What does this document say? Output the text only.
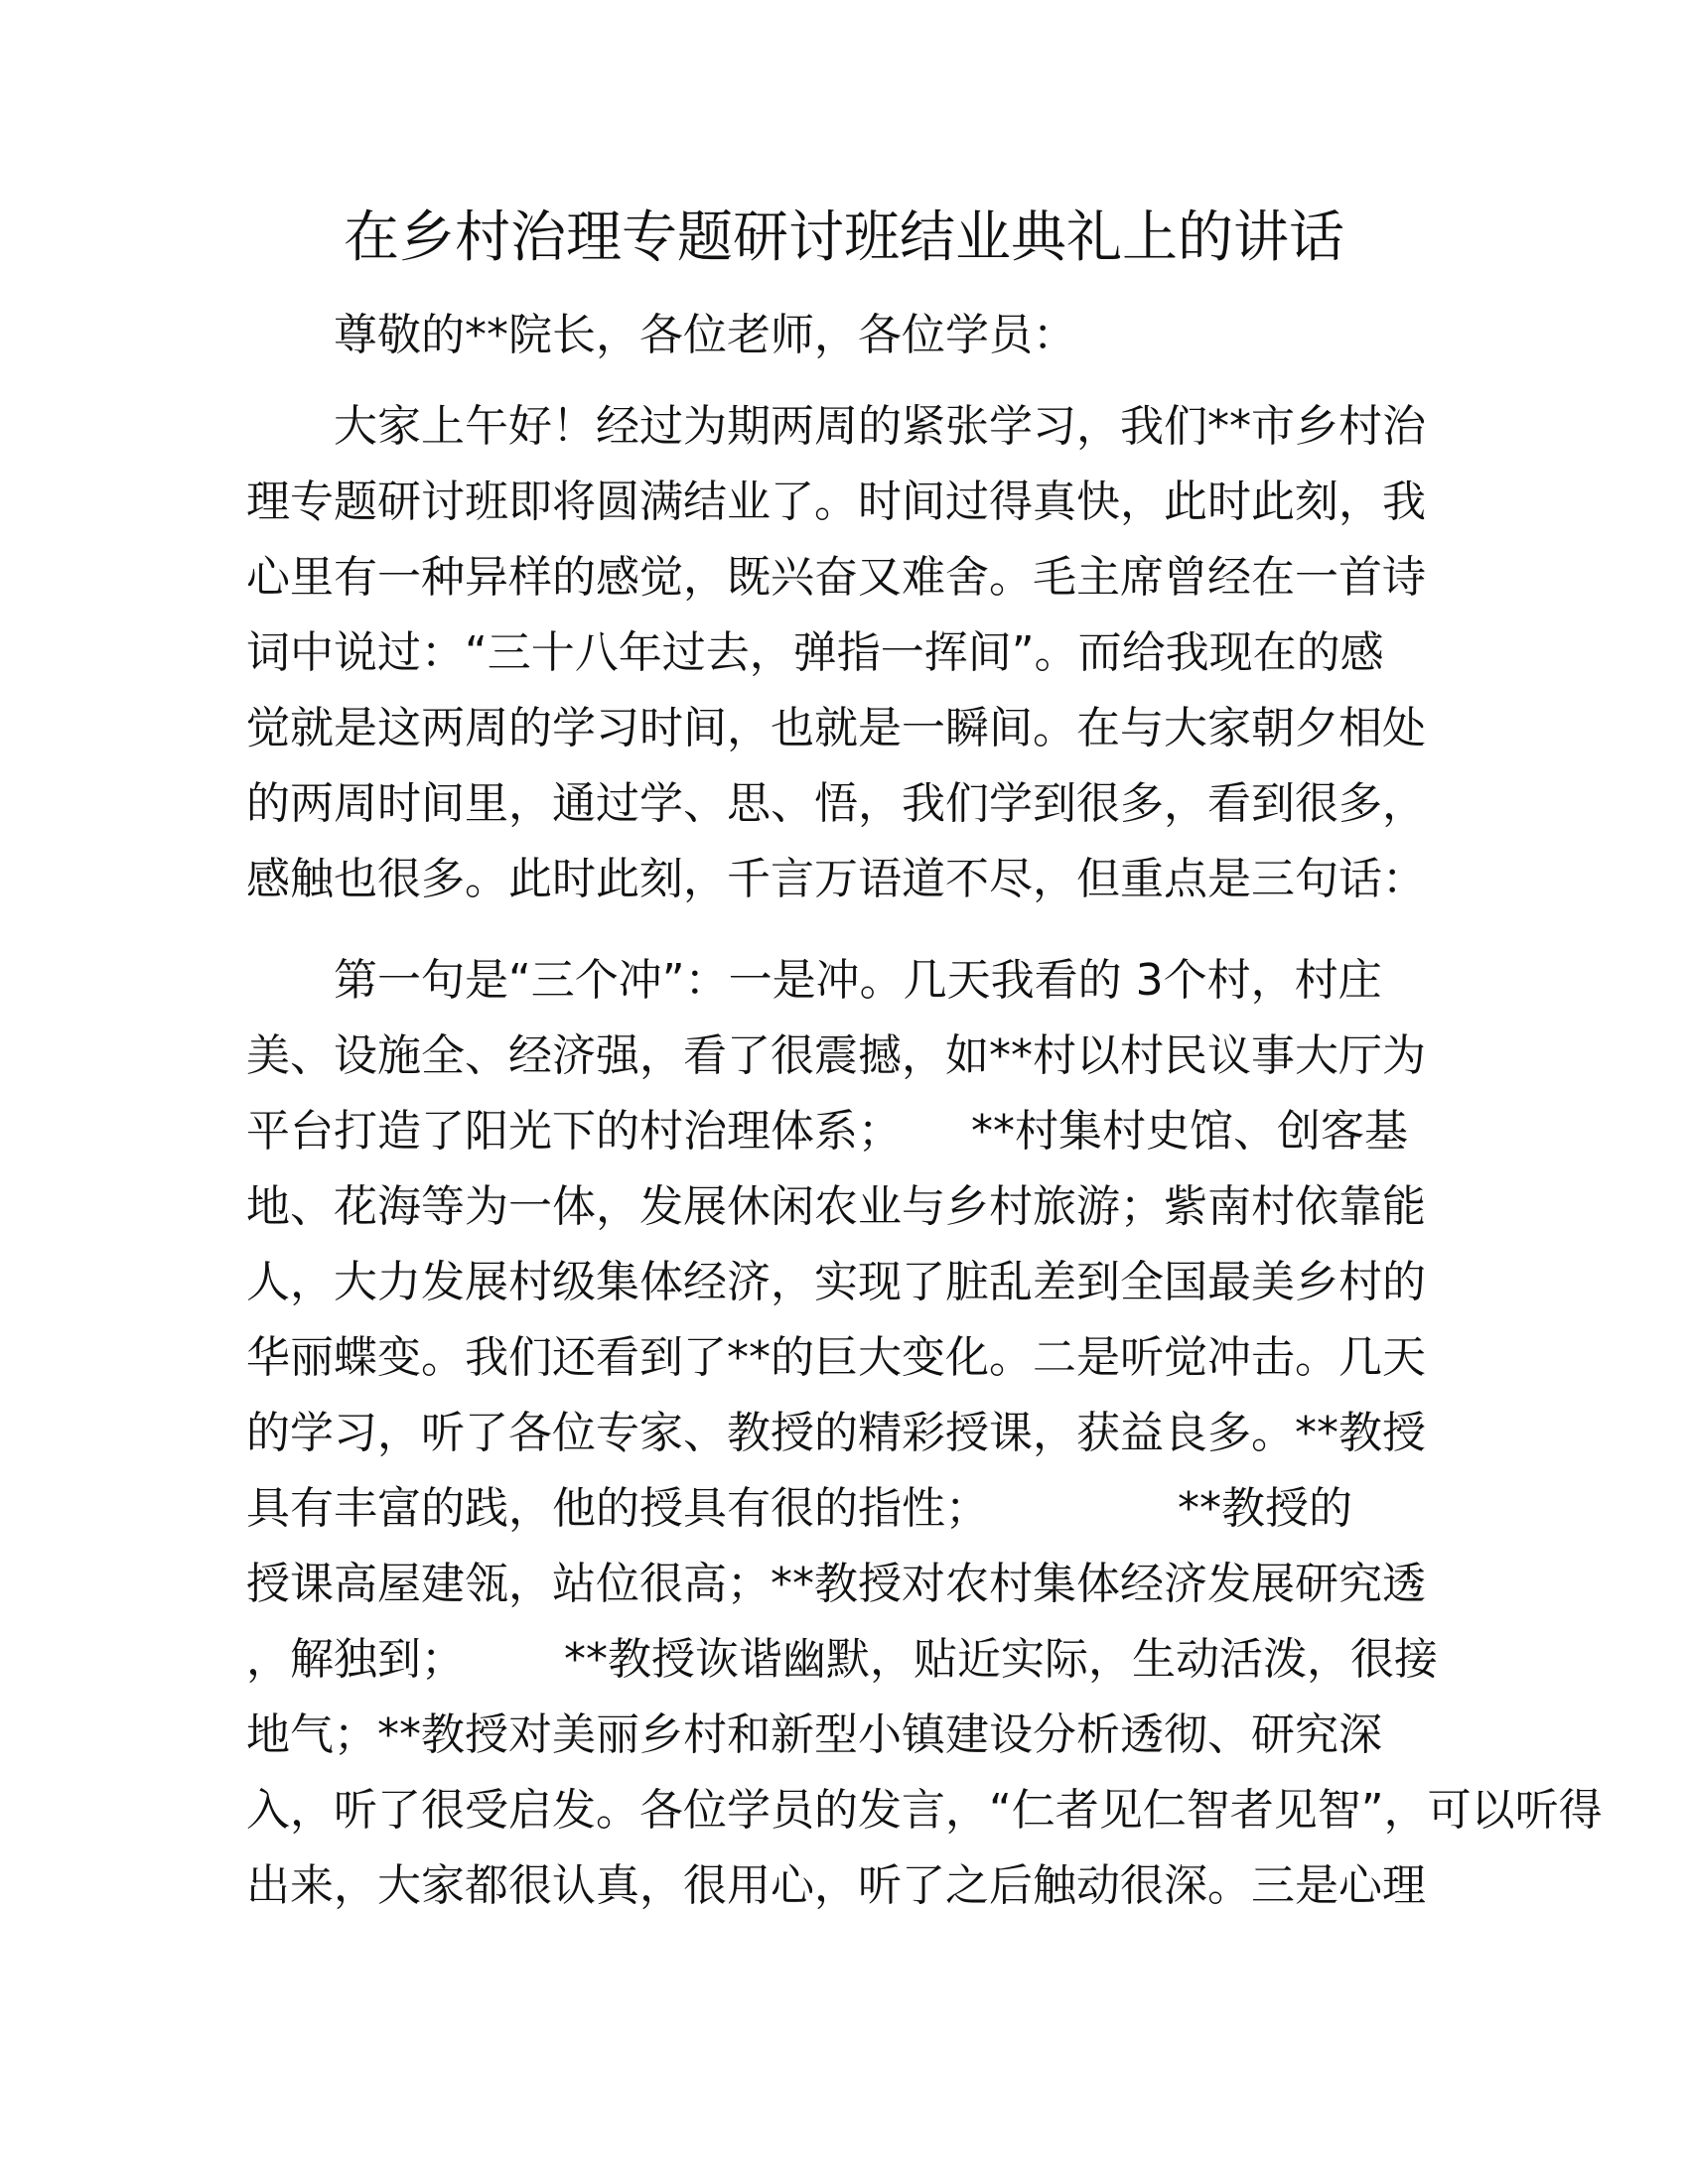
在乡村治理专题研讨班结业典礼上的讲话
尊敬的**院长，各位老师，各位学员：
大家上午好！经过为期两周的紧张学习，我们**市乡村治
理专题研讨班即将圆满结业了。时间过得真快，此时此刻，我
心里有一种异样的感觉，既兴奋又难舍。毛主席曾经在一首诗
词中说过：“三十八年过去，弹指一挥间”。而给我现在的感
觉就是这两周的学习时间，也就是一瞬间。在与大家朝夕相处
的两周时间里，通过学、思、悟，我们学到很多，看到很多，
感触也很多。此时此刻，千言万语道不尽，但重点是三句话：
第一句是“三个冲”：一是冲。几天我看的 3个村，村庄
美、设施全、经济强，看了很震撼，如**村以村民议事大厅为
平台打造了阳光下的村治理体系； **村集村史馆、创客基
地、花海等为一体，发展休闲农业与乡村旅游；紫南村依靠能
人，大力发展村级集体经济，实现了脏乱差到全国最美乡村的
华丽蝶变。我们还看到了**的巨大变化。二是听觉冲击。几天
的学习，听了各位专家、教授的精彩授课，获益良多。**教授
具有丰富的践，他的授具有很的指性；	**教授的
授课高屋建瓴，站位很高；**教授对农村集体经济发展研究透
，解独到； **教授诙谐幽默，贴近实际，生动活泼，很接
地气；**教授对美丽乡村和新型小镇建设分析透彻、研究深
入，听了很受启发。各位学员的发言，“仁者见仁智者见智”，可以听得
出来，大家都很认真，很用心，听了之后触动很深。三是心理
